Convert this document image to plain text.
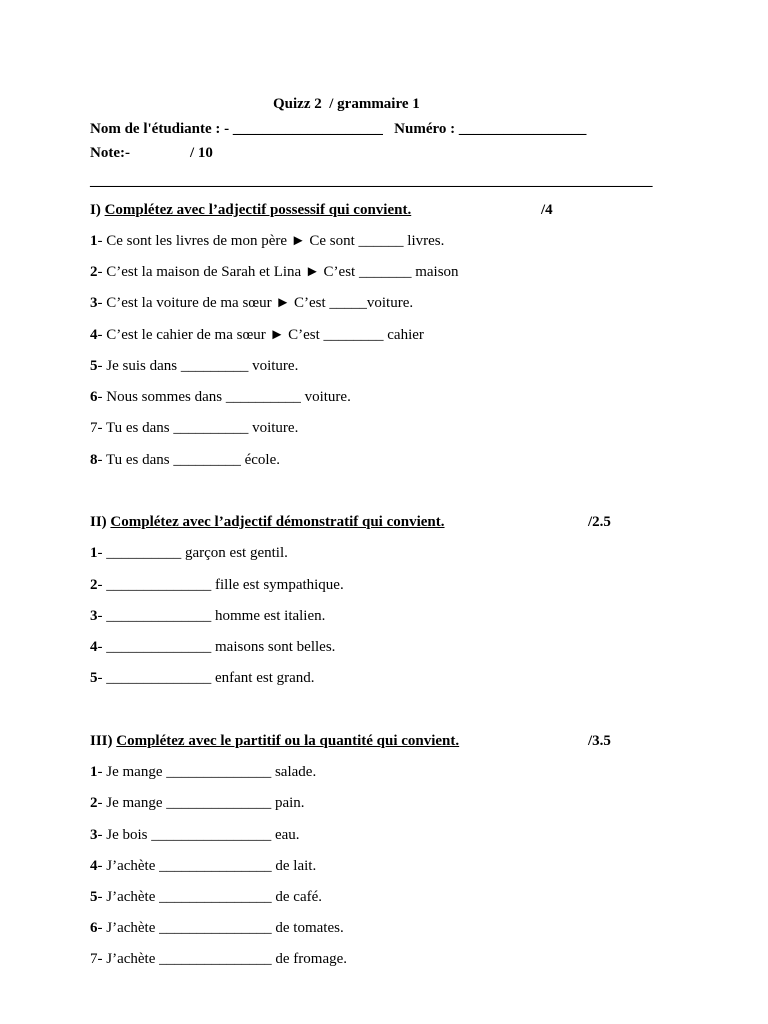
Quizz 2  / grammaire 1
Nom de l'étudiante : - ____________________   Numéro : _________________
Note:-                / 10
___________________________________________________________________________
I) Complétez avec l’adjectif possessif qui convient.	/4
1- Ce sont les livres de mon père ► Ce sont ______ livres.
2- C’est la maison de Sarah et Lina ► C’est _______ maison
3- C’est la voiture de ma sœur ► C’est _____voiture.
4- C’est le cahier de ma sœur ► C’est ________ cahier
5- Je suis dans _________ voiture.
6- Nous sommes dans __________ voiture.
7- Tu es dans __________ voiture.
8- Tu es dans _________ école.
II) Complétez avec l’adjectif démonstratif qui convient.	/2.5
1- __________ garçon est gentil.
2- ______________ fille est sympathique.
3- ______________ homme est italien.
4- ______________ maisons sont belles.
5- ______________ enfant est grand.
III) Complétez avec le partitif ou la quantité qui convient.	/3.5
1- Je mange ______________ salade.
2- Je mange ______________ pain.
3- Je bois ________________ eau.
4- J’achète _______________ de lait.
5- J’achète _______________ de café.
6- J’achète _______________ de tomates.
7- J’achète _______________ de fromage.
